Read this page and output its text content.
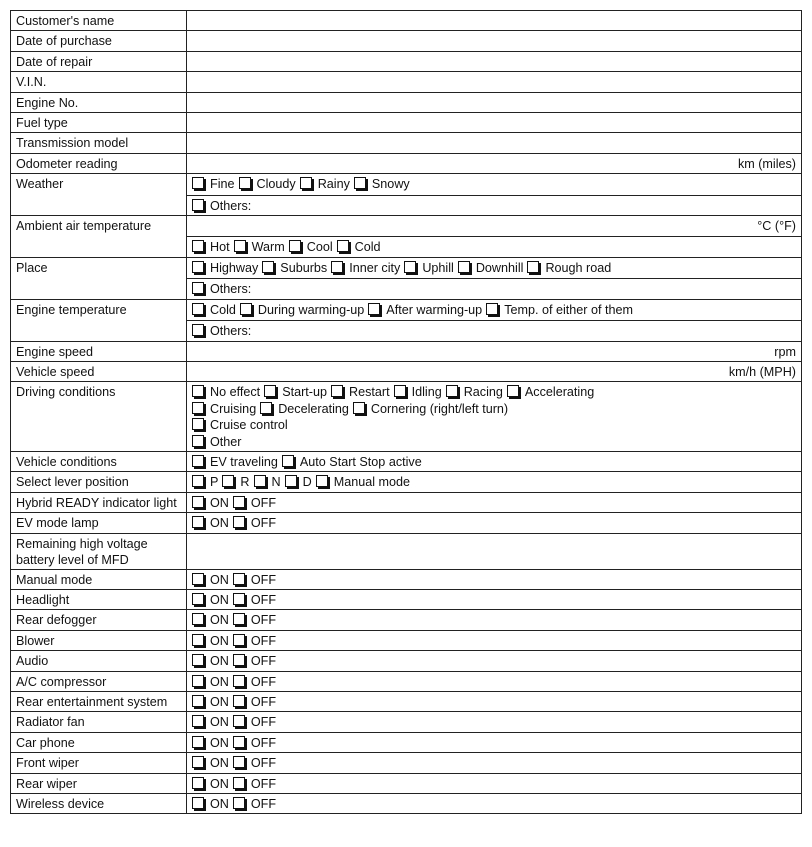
Customer's name	
Date of purchase	
Date of repair	
V.I.N.	
Engine No.	
Fuel type	
Transmission model	
Odometer reading	km (miles)

Weather	Fine Cloudy Rainy Snowy
Others:

Ambient air temperature	°C (°F)
Hot Warm Cool Cold

Place	Highway Suburbs Inner city Uphill Downhill Rough road
Others:

Engine temperature	Cold During warming-up After warming-up Temp. of either of them
Others:

Engine speed	rpm

Vehicle speed	km/h (MPH)

Driving conditions	No effect Start-up Restart Idling Racing Accelerating
Cruising Decelerating Cornering (right/left turn)
Cruise control
Other

Vehicle conditions	EV traveling Auto Start Stop active
Select lever position	P R N D Manual mode
Hybrid READY indicator light	ON OFF
EV mode lamp	ON OFF
Remaining high voltage battery level of MFD	
Manual mode	ON OFF
Headlight	ON OFF
Rear defogger	ON OFF
Blower	ON OFF
Audio	ON OFF
A/C compressor	ON OFF
Rear entertainment system	ON OFF
Radiator fan	ON OFF
Car phone	ON OFF
Front wiper	ON OFF
Rear wiper	ON OFF
Wireless device	ON OFF
